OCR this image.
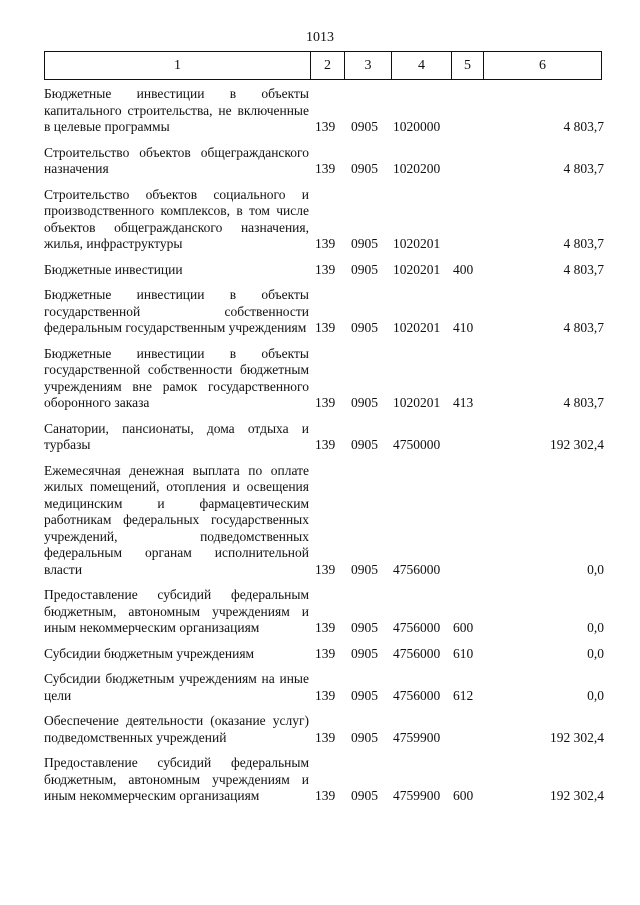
1013
1	2	3	4	5	6
Бюджетные инвестиции в объекты капитального строительства, не включенные в целевые программы	139 0905 1020000	4 803,7
Строительство объектов общегражданского назначения	139 0905 1020200	4 803,7
Строительство объектов социального и производственного комплексов, в том числе объектов общегражданского назначения, жилья, инфраструктуры	139 0905 1020201	4 803,7
Бюджетные инвестиции	139 0905 1020201 400	4 803,7
Бюджетные инвестиции в объекты государственной собственности федеральным государственным учреждениям 139 0905 1020201 410	4 803,7
Бюджетные инвестиции в объекты государственной собственности бюджетным учреждениям вне рамок государственного оборонного заказа	139 0905 1020201 413	4 803,7
Санатории, пансионаты, дома отдыха и турбазы	139 0905 4750000	192 302,4
Ежемесячная денежная выплата по оплате жилых помещений, отопления и освещения медицинским и фармацевтическим работникам федеральных государственных учреждений, подведомственных федеральным органам исполнительной власти	139 0905 4756000	0,0
Предоставление субсидий федеральным бюджетным, автономным учреждениям и иным некоммерческим организациям	139 0905 4756000 600	0,0
Субсидии бюджетным учреждениям	139 0905 4756000 610	0,0
Субсидии бюджетным учреждениям на иные цели	139 0905 4756000 612	0,0
Обеспечение деятельности (оказание услуг) подведомственных учреждений	139 0905 4759900	192 302,4
Предоставление субсидий федеральным бюджетным, автономным учреждениям и иным некоммерческим организациям	139 0905 4759900 600	192 302,4
